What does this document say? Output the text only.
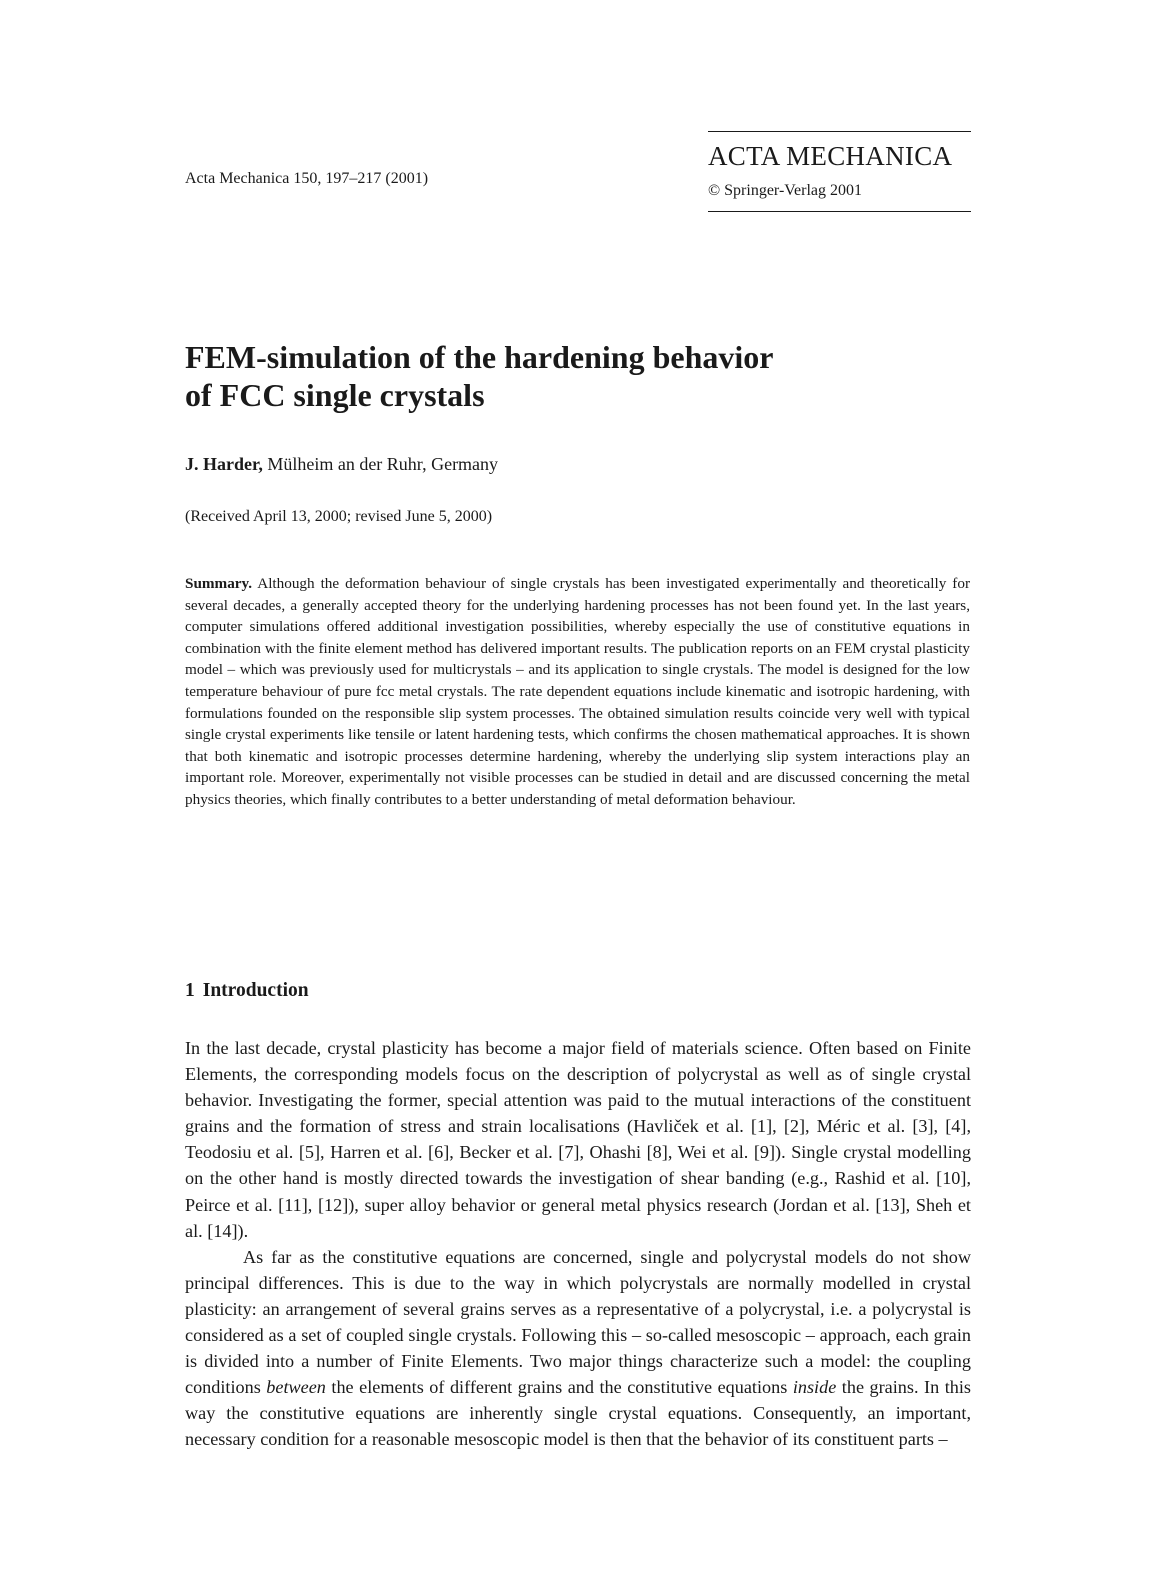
Acta Mechanica 150, 197–217 (2001)
ACTA MECHANICA
© Springer-Verlag 2001
FEM-simulation of the hardening behavior
of FCC single crystals
J. Harder, Mülheim an der Ruhr, Germany
(Received April 13, 2000; revised June 5, 2000)

Summary. Although the deformation behaviour of single crystals has been investigated experimentally and theoretically for several decades, a generally accepted theory for the underlying hardening processes has not been found yet. In the last years, computer simulations offered additional investigation possibilities, whereby especially the use of constitutive equations in combination with the finite element method has delivered important results. The publication reports on an FEM crystal plasticity model – which was previously used for multicrystals – and its application to single crystals. The model is designed for the low temperature behaviour of pure fcc metal crystals. The rate dependent equations include kinematic and isotropic hardening, with formulations founded on the responsible slip system processes. The obtained simulation results coincide very well with typical single crystal experiments like tensile or latent hardening tests, which confirms the chosen mathematical approaches. It is shown that both kinematic and isotropic processes determine hardening, whereby the underlying slip system interactions play an important role. Moreover, experimentally not visible processes can be studied in detail and are discussed concerning the metal physics theories, which finally contributes to a better understanding of metal deformation behaviour.

1 Introduction

In the last decade, crystal plasticity has become a major field of materials science. Often based on Finite Elements, the corresponding models focus on the description of polycrystal as well as of single crystal behavior. Investigating the former, special attention was paid to the mutual interactions of the constituent grains and the formation of stress and strain localisations (Havliček et al. [1], [2], Méric et al. [3], [4], Teodosiu et al. [5], Harren et al. [6], Becker et al. [7], Ohashi [8], Wei et al. [9]). Single crystal modelling on the other hand is mostly directed towards the investigation of shear banding (e.g., Rashid et al. [10], Peirce et al. [11], [12]), super alloy behavior or general metal physics research (Jordan et al. [13], Sheh et al. [14]).

As far as the constitutive equations are concerned, single and polycrystal models do not show principal differences. This is due to the way in which polycrystals are normally modelled in crystal plasticity: an arrangement of several grains serves as a representative of a polycrystal, i.e. a polycrystal is considered as a set of coupled single crystals. Following this – so-called mesoscopic – approach, each grain is divided into a number of Finite Elements. Two major things characterize such a model: the coupling conditions between the elements of different grains and the constitutive equations inside the grains. In this way the constitutive equations are inherently single crystal equations. Consequently, an important, necessary condition for a reasonable mesoscopic model is then that the behavior of its constituent parts –
